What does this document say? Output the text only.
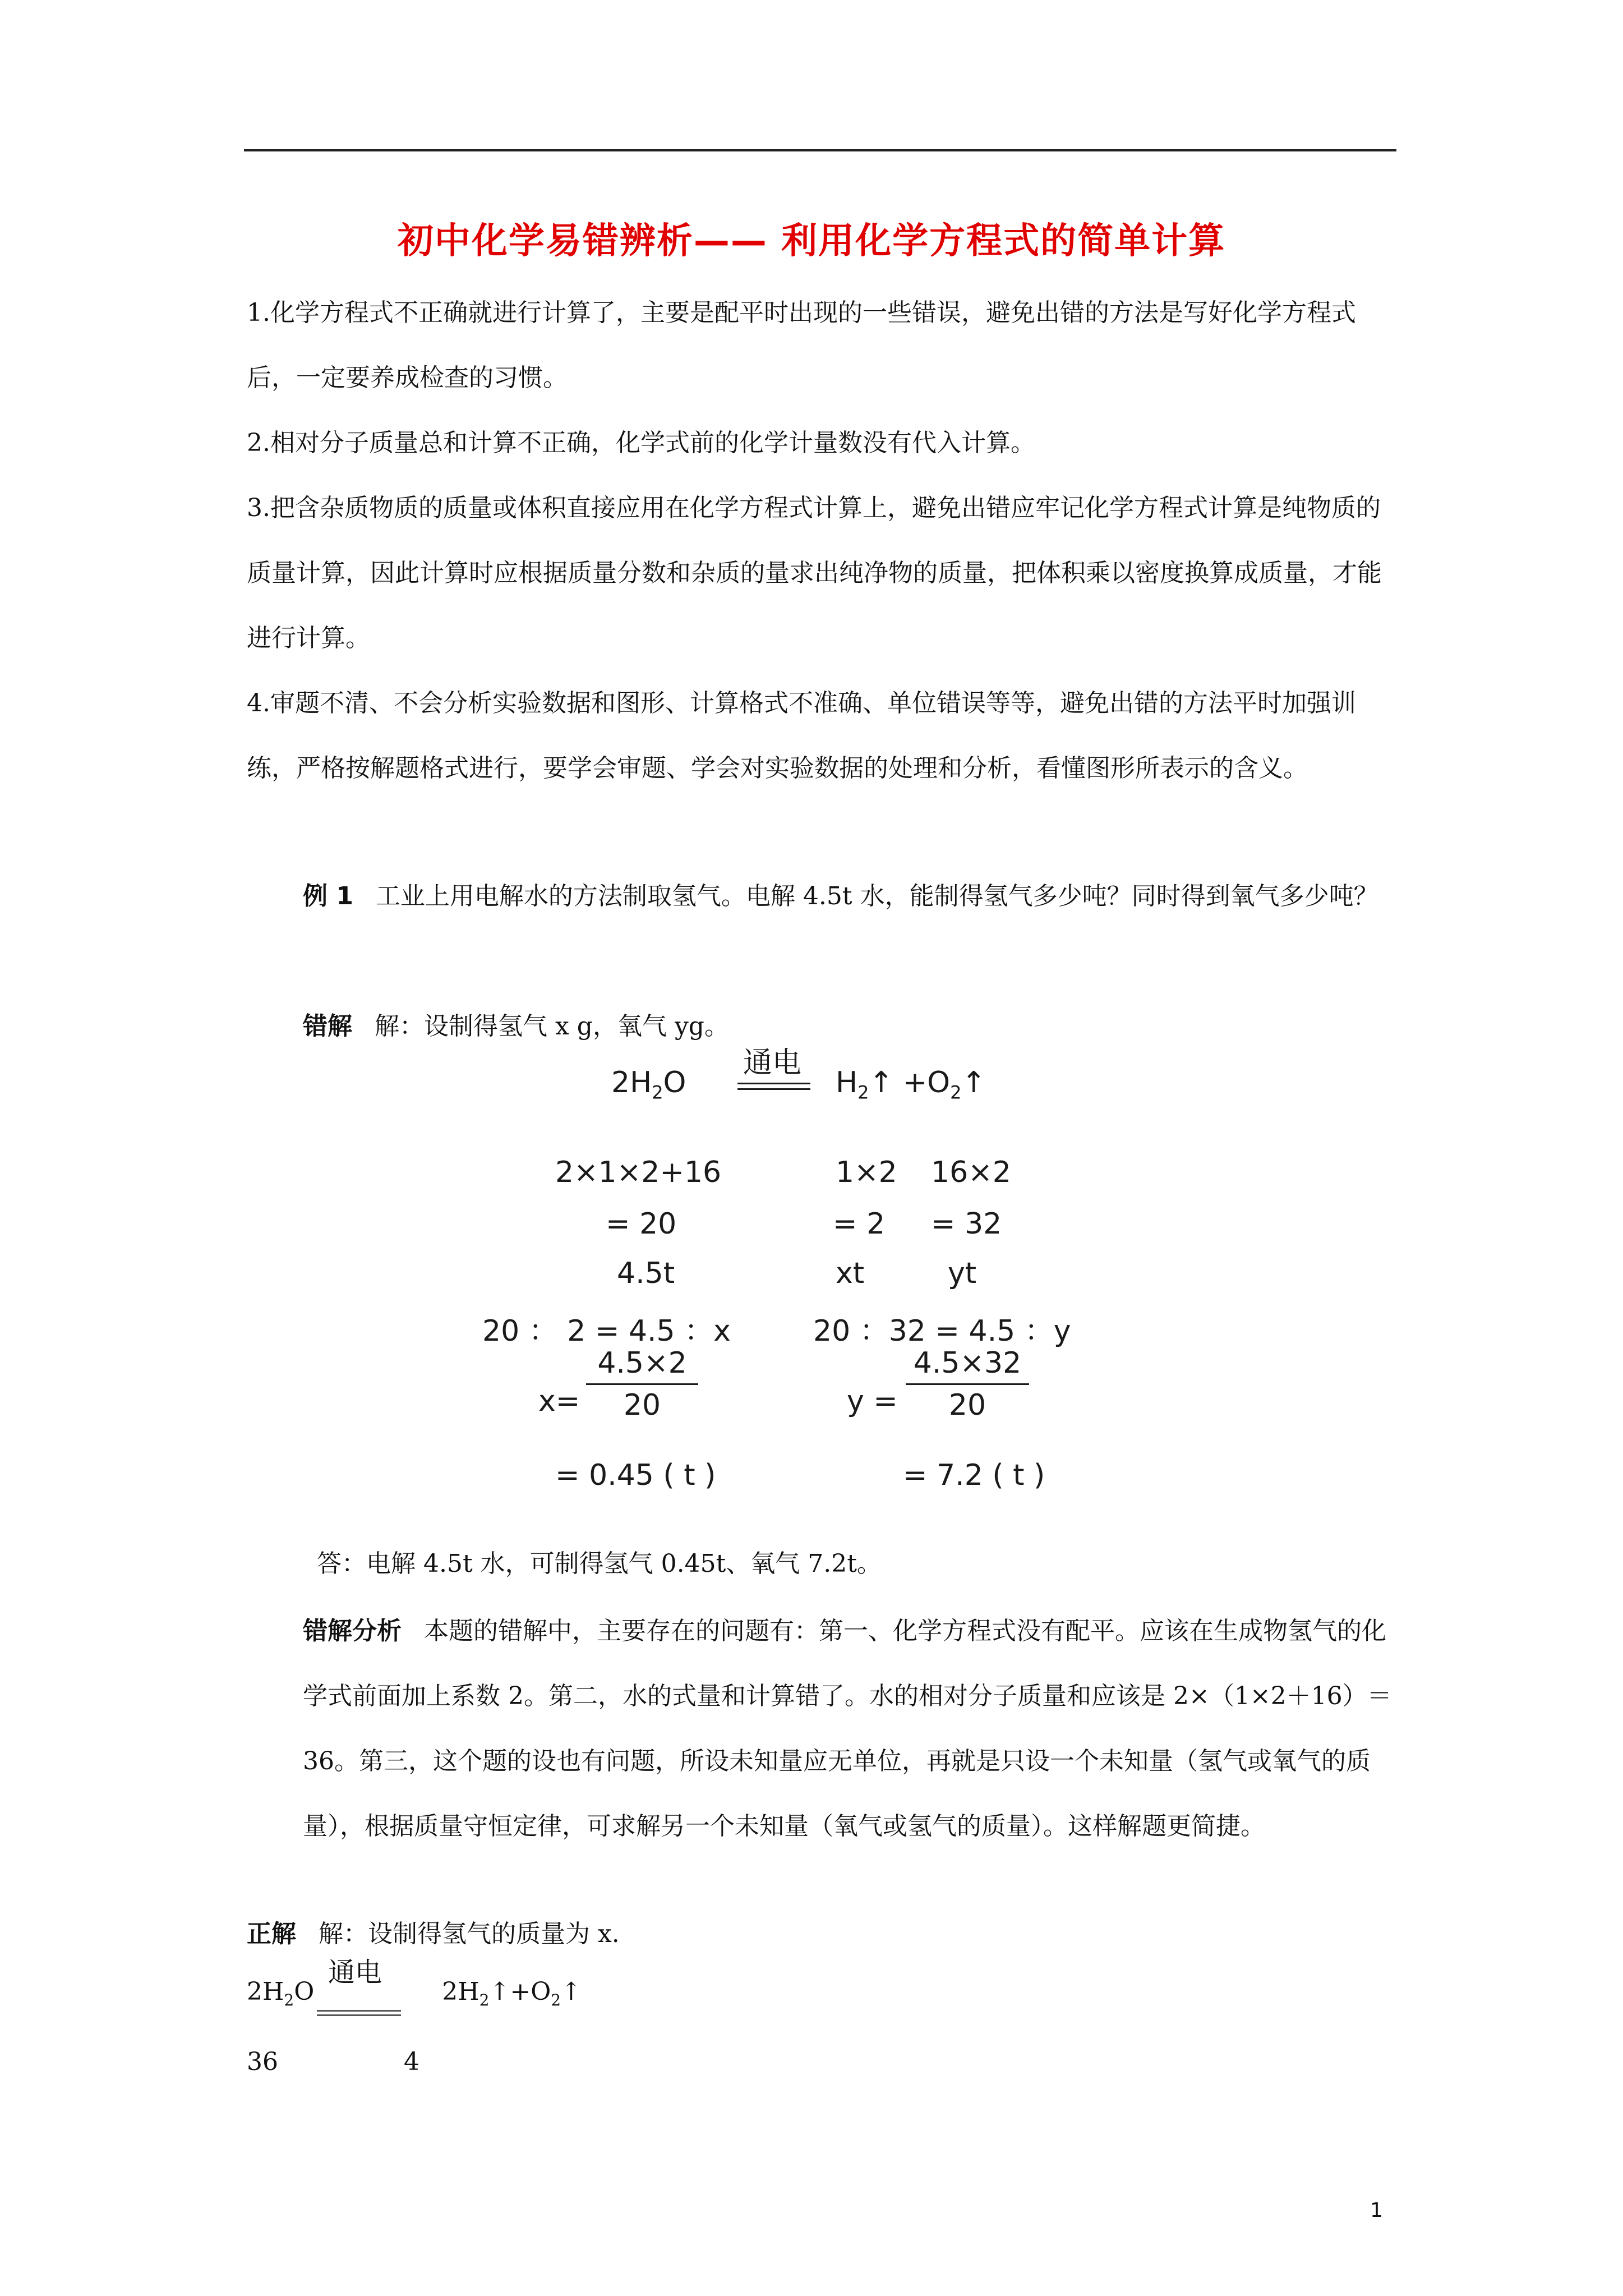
初中化学易错辨析—— 利用化学方程式的简单计算

1.化学方程式不正确就进行计算了，主要是配平时出现的一些错误，避免出错的方法是写好化学方程式后，一定要养成检查的习惯。

2.相对分子质量总和计算不正确，化学式前的化学计量数没有代入计算。

3.把含杂质物质的质量或体积直接应用在化学方程式计算上，避免出错应牢记化学方程式计算是纯物质的质量计算，因此计算时应根据质量分数和杂质的量求出纯净物的质量，把体积乘以密度换算成质量，才能进行计算。

4.审题不清、不会分析实验数据和图形、计算格式不准确、单位错误等等，避免出错的方法平时加强训练，严格按解题格式进行，要学会审题、学会对实验数据的处理和分析，看懂图形所表示的含义。

例 1 工业上用电解水的方法制取氢气。电解 4.5t 水，能制得氢气多少吨？同时得到氧气多少吨？

错解 解：设制得氢气 x g，氧气 yg。

$2H_2O$
通电
$H_2↑$ $+O_2↑$
2×1×2+16	1×2 16×2
= 20	= 2 = 32
4.5t	xt	yt
20 ： 2 = 4.5 ：x	20 ：32 = 4.5 ：y
$x= \frac{4.5\times 2}{20}$	$y = \frac{4.5\times 32}{20}$
= 0.45 ( t )	= 7.2 ( t )
答：电解 4.5t 水，可制得氢气 0.45t、氧气 7.2t。

错解分析 本题的错解中，主要存在的问题有：第一、化学方程式没有配平。应该在生成物氢气的化学式前面加上系数 2。第二，水的式量和计算错了。水的相对分子质量和应该是 2×（1×2＋16）＝36。第三，这个题的设也有问题，所设未知量应无单位，再就是只设一个未知量（氢气或氧气的质量），根据质量守恒定律，可求解另一个未知量（氧气或氢气的质量）。这样解题更简捷。

正解 解：设制得氢气的质量为 x.

$2H_2O$
通电
$2H_2↑+O_2↑$
36	4
1
